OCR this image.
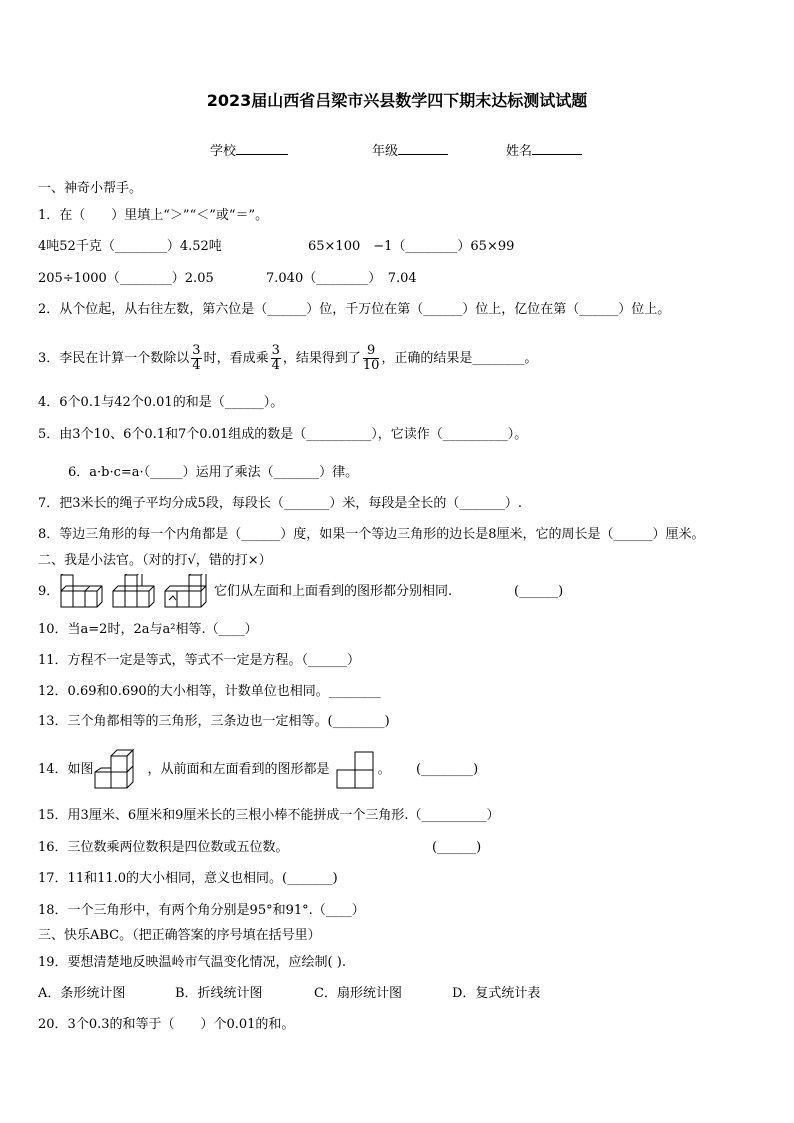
2023届山西省吕梁市兴县数学四下期末达标测试试题
学校	年级	姓名
一、神奇小帮手。
1．在（　　）里填上“＞”“＜”或“＝”。
4吨52千克（________）4.52吨	65×100　−1（________）65×99
205÷1000（________）2.05	7.040（________）　7.04
2．从个位起，从右往左数，第六位是（______）位，千万位在第（______）位上，亿位在第（______）位上。
3．李民在计算一个数除以 $\frac{3}{4}$ 时，看成乘 $\frac{3}{4}$ ，结果得到了 $\frac{9}{10}$ ，正确的结果是________。
4．6个0.1与42个0.01的和是（______）。
5．由3个10、6个0.1和7个0.01组成的数是（__________），它读作（__________）。
6．a·b·c=a·（_____）运用了乘法（_______）律。
7．把3米长的绳子平均分成5段，每段长（_______）米，每段是全长的（_______）.
8．等边三角形的每一个内角都是（______）度，如果一个等边三角形的边长是8厘米，它的周长是（______）厘米。
二、我是小法官。（对的打√，错的打×）
9．	它们从左面和上面看到的图形都分别相同.	(______)
10．当a=2时，2a与a²相等.（____）
11．方程不一定是等式，等式不一定是方程。（______）
12．0.69和0.690的大小相等，计数单位也相同。________
13．三个角都相等的三角形，三条边也一定相等。(________)
14．如图	，从前面和左面看到的图形都是	。 (________)
15．用3厘米、6厘米和9厘米长的三根小棒不能拼成一个三角形.（__________）
16．三位数乘两位数积是四位数或五位数。	(______)
17．11和11.0的大小相同，意义也相同。(_______)
18．一个三角形中，有两个角分别是95°和91°.（____）
三、快乐ABC。（把正确答案的序号填在括号里）
19．要想清楚地反映温岭市气温变化情况，应绘制( ).
A．条形统计图	B．折线统计图	C．扇形统计图	D．复式统计表
20．3个0.3的和等于（　　）个0.01的和。
